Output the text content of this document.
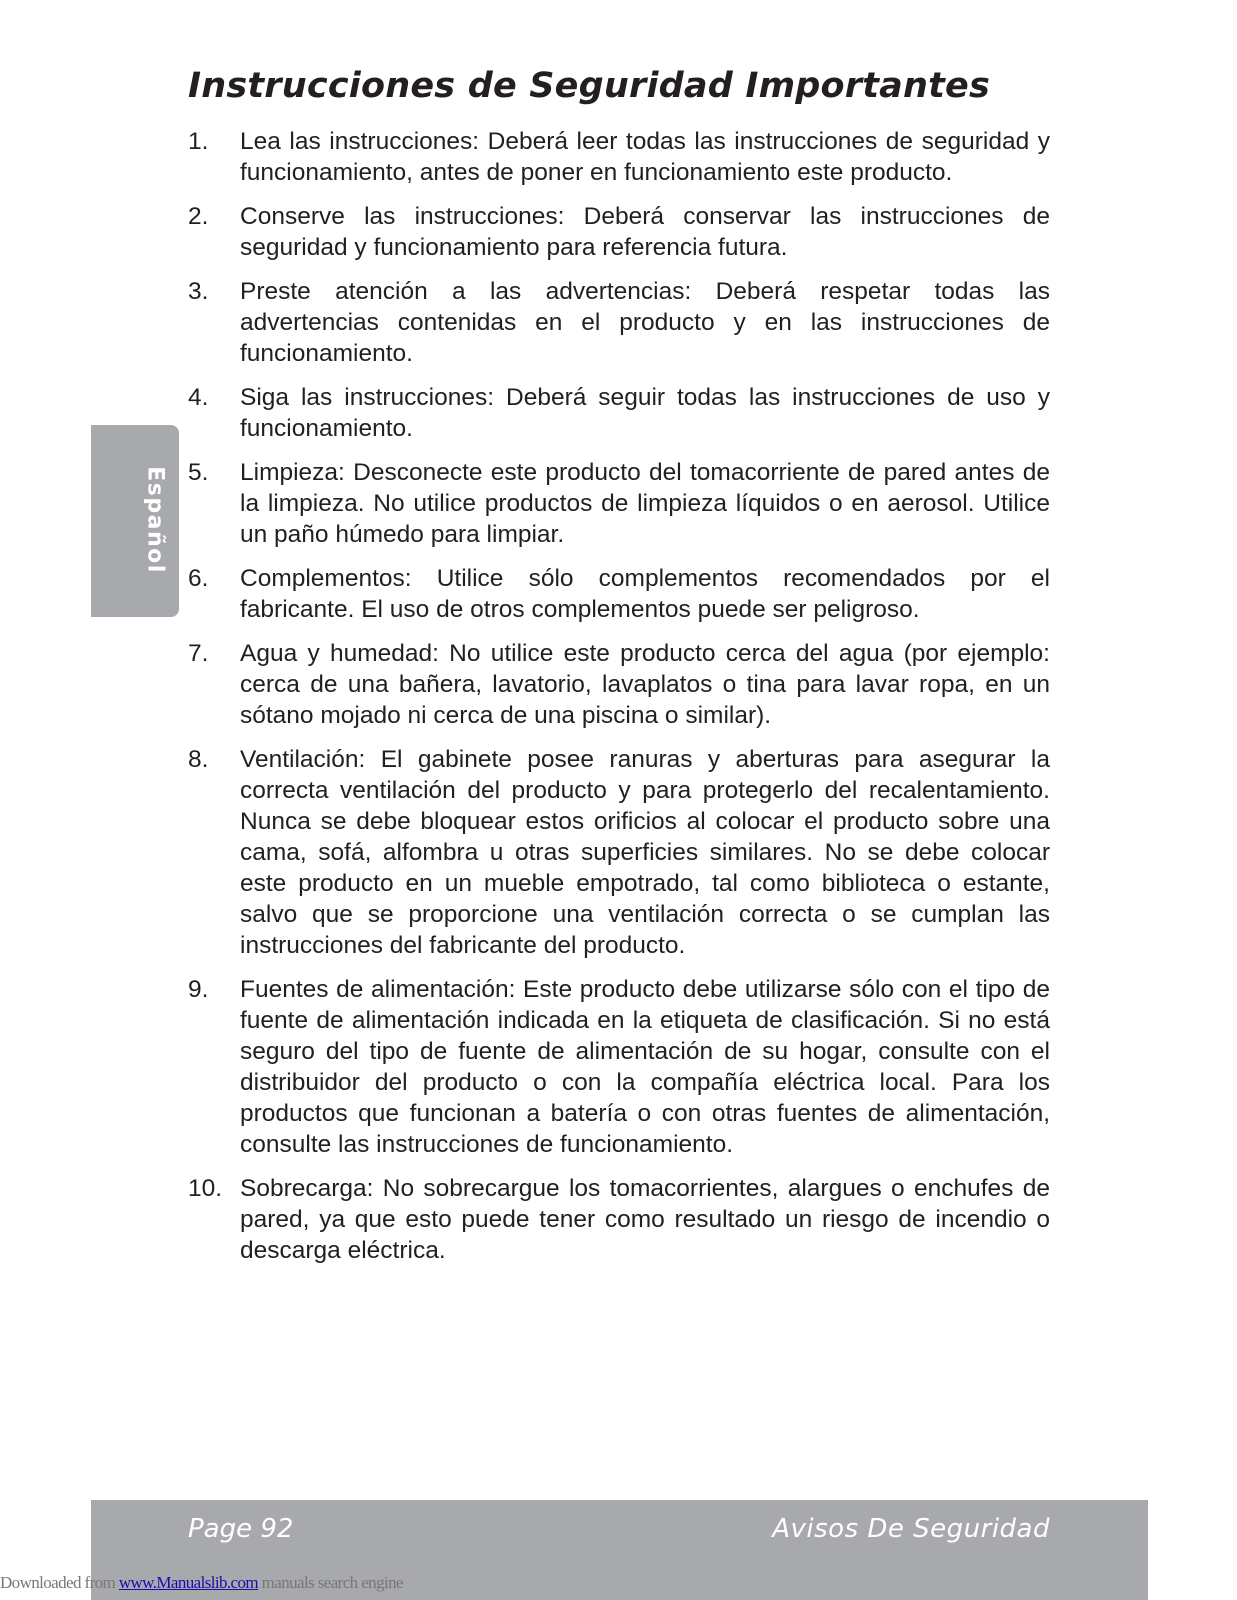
Instrucciones de Seguridad Importantes
Español
1.	Lea las instrucciones: Deberá leer todas las instrucciones de seguridad y funcionamiento, antes de poner en funcionamiento este producto.
2.	Conserve las instrucciones: Deberá conservar las instrucciones de seguridad y funcionamiento para referencia futura.
3.	Preste atención a las advertencias: Deberá respetar todas las advertencias contenidas en el producto y en las instrucciones de funcionamiento.
4.	Siga las instrucciones: Deberá seguir todas las instrucciones de uso y funcionamiento.
5.	Limpieza: Desconecte este producto del tomacorriente de pared antes de la limpieza. No utilice productos de limpieza líquidos o en aerosol. Utilice un paño húmedo para limpiar.
6.	Complementos: Utilice sólo complementos recomendados por el fabricante. El uso de otros complementos puede ser peligroso.
7.	Agua y humedad: No utilice este producto cerca del agua (por ejemplo: cerca de una bañera, lavatorio, lavaplatos o tina para lavar ropa, en un sótano mojado ni cerca de una piscina o similar).
8.	Ventilación: El gabinete posee ranuras y aberturas para asegurar la correcta ventilación del producto y para protegerlo del recalentamiento. Nunca se debe bloquear estos orificios al colocar el producto sobre una cama, sofá, alfombra u otras superficies similares. No se debe colocar este producto en un mueble empotrado, tal como biblioteca o estante, salvo que se proporcione una ventilación correcta o se cumplan las instrucciones del fabricante del producto.
9.	Fuentes de alimentación: Este producto debe utilizarse sólo con el tipo de fuente de alimentación indicada en la etiqueta de clasificación. Si no está seguro del tipo de fuente de alimentación de su hogar, consulte con el distribuidor del producto o con la compañía eléctrica local. Para los productos que funcionan a batería o con otras fuentes de alimentación, consulte las instrucciones de funcionamiento.
10. Sobrecarga: No sobrecargue los tomacorrientes, alargues o enchufes de pared, ya que esto puede tener como resultado un riesgo de incendio o descarga eléctrica.
Page 92	Avisos De Seguridad
Downloaded from www.Manualslib.com manuals search engine
